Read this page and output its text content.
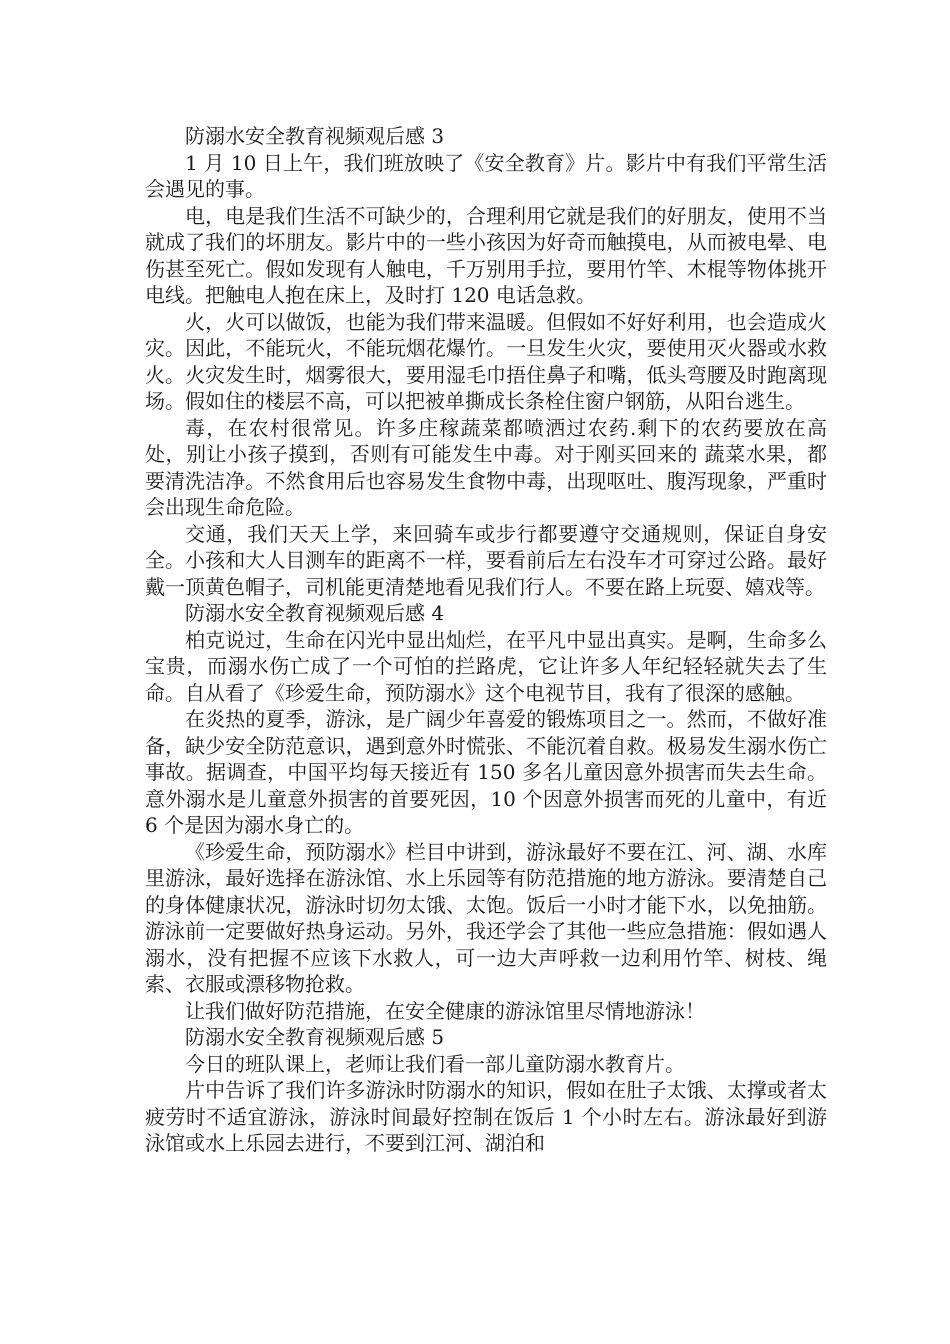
防溺水安全教育视频观后感 3

1 月 10 日上午，我们班放映了《安全教育》片。影片中有我们平常生活会遇见的事。

电，电是我们生活不可缺少的，合理利用它就是我们的好朋友，使用不当就成了我们的坏朋友。影片中的一些小孩因为好奇而触摸电，从而被电晕、电伤甚至死亡。假如发现有人触电，千万别用手拉，要用竹竿、木棍等物体挑开电线。把触电人抱在床上，及时打 120 电话急救。

火，火可以做饭，也能为我们带来温暖。但假如不好好利用，也会造成火灾。因此，不能玩火，不能玩烟花爆竹。一旦发生火灾，要使用灭火器或水救火。火灾发生时，烟雾很大，要用湿毛巾捂住鼻子和嘴，低头弯腰及时跑离现场。假如住的楼层不高，可以把被单撕成长条栓住窗户钢筋，从阳台逃生。

毒，在农村很常见。许多庄稼蔬菜都喷洒过农药.剩下的农药要放在高处，别让小孩子摸到，否则有可能发生中毒。对于刚买回来的 蔬菜水果，都要清洗洁净。不然食用后也容易发生食物中毒，出现呕吐、腹泻现象，严重时会出现生命危险。

交通，我们天天上学，来回骑车或步行都要遵守交通规则，保证自身安全。小孩和大人目测车的距离不一样，要看前后左右没车才可穿过公路。最好戴一顶黄色帽子，司机能更清楚地看见我们行人。不要在路上玩耍、嬉戏等。

防溺水安全教育视频观后感 4

柏克说过，生命在闪光中显出灿烂，在平凡中显出真实。是啊，生命多么宝贵，而溺水伤亡成了一个可怕的拦路虎，它让许多人年纪轻轻就失去了生命。自从看了《珍爱生命，预防溺水》这个电视节目，我有了很深的感触。

在炎热的夏季，游泳，是广阔少年喜爱的锻炼项目之一。然而，不做好准备，缺少安全防范意识，遇到意外时慌张、不能沉着自救。极易发生溺水伤亡事故。据调查，中国平均每天接近有 150 多名儿童因意外损害而失去生命。意外溺水是儿童意外损害的首要死因，10 个因意外损害而死的儿童中，有近 6 个是因为溺水身亡的。

《珍爱生命，预防溺水》栏目中讲到，游泳最好不要在江、河、湖、水库里游泳，最好选择在游泳馆、水上乐园等有防范措施的地方游泳。要清楚自己的身体健康状况，游泳时切勿太饿、太饱。饭后一小时才能下水，以免抽筋。游泳前一定要做好热身运动。另外，我还学会了其他一些应急措施：假如遇人溺水，没有把握不应该下水救人，可一边大声呼救一边利用竹竿、树枝、绳索、衣服或漂移物抢救。

让我们做好防范措施，在安全健康的游泳馆里尽情地游泳！

防溺水安全教育视频观后感 5

今日的班队课上，老师让我们看一部儿童防溺水教育片。

片中告诉了我们许多游泳时防溺水的知识，假如在肚子太饿、太撑或者太疲劳时不适宜游泳，游泳时间最好控制在饭后 1 个小时左右。游泳最好到游泳馆或水上乐园去进行，不要到江河、湖泊和
